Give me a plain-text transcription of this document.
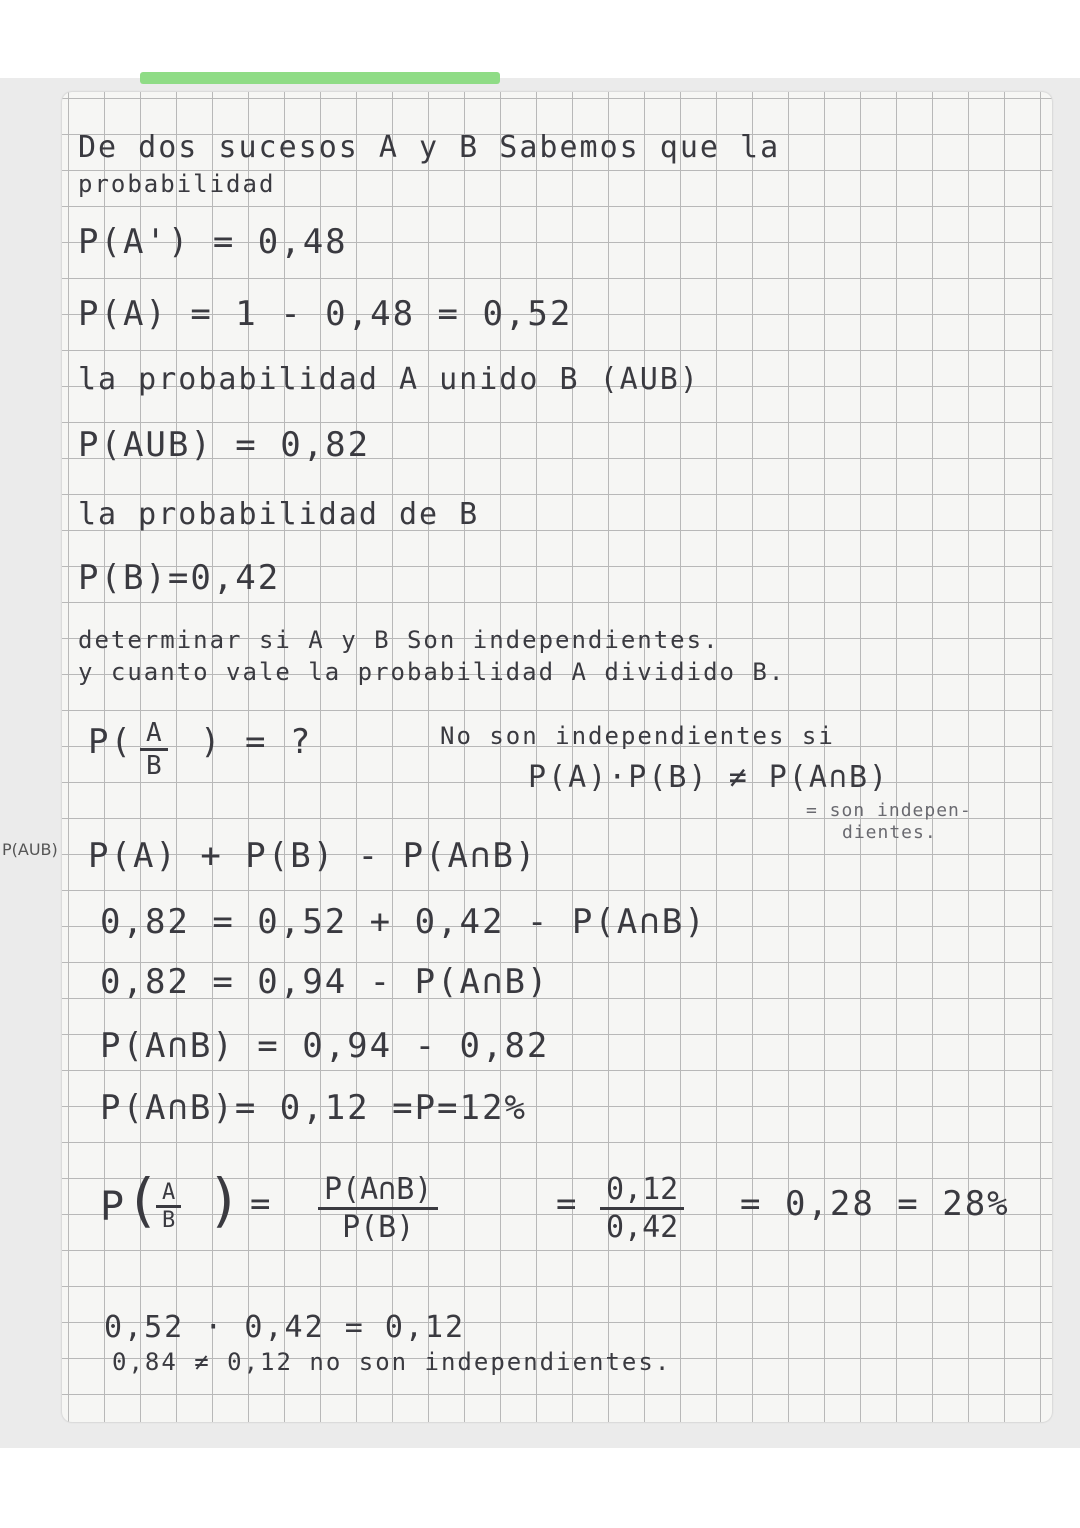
De dos sucesos A y B Sabemos que la
probabilidad
P(A') = 0,48
P(A) = 1 - 0,48 = 0,52
la probabilidad A unido B (AUB)
P(AUB) = 0,82
la probabilidad de B
P(B)=0,42
determinar si A y B Son independientes.
y cuanto vale la probabilidad A dividido B.
$P( \frac{A}{B}$ ) = ?	No son independientes si
P(A)·P(B) ≠ P(A∩B)
= son indepen-
dientes.
P(AUB) P(A) + P(B) - P(A∩B)
0,82 = 0,52 + 0,42 - P(A∩B)
0,82 = 0,94 - P(A∩B)
P(A∩B) = 0,94 - 0,82
P(A∩B)= 0,12 =P=12%
P ( $\frac{A}{B}$ ) = $\frac{P(A\cap B)}{P(B)}$	= $\frac{0,12}{0,42} = 0,28 = 28\%$
0,52 · 0,42 = 0,12
0,84 ≠ 0,12 no son independientes.
